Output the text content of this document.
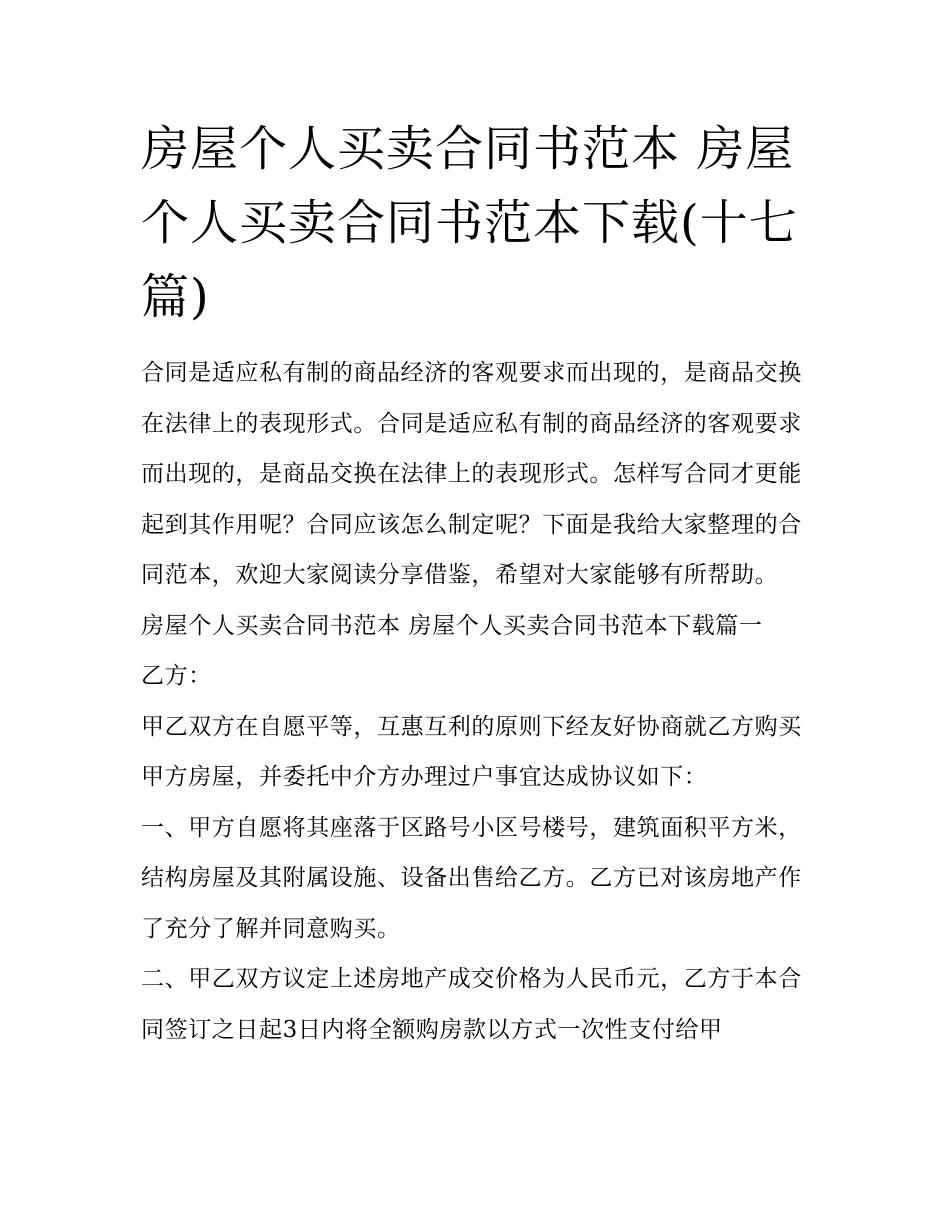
房屋个人买卖合同书范本 房屋个人买卖合同书范本下载(十七篇)

合同是适应私有制的商品经济的客观要求而出现的，是商品交换在法律上的表现形式。合同是适应私有制的商品经济的客观要求而出现的，是商品交换在法律上的表现形式。怎样写合同才更能起到其作用呢？合同应该怎么制定呢？下面是我给大家整理的合同范本，欢迎大家阅读分享借鉴，希望对大家能够有所帮助。

房屋个人买卖合同书范本 房屋个人买卖合同书范本下载篇一

乙方：

甲乙双方在自愿平等，互惠互利的原则下经友好协商就乙方购买甲方房屋，并委托中介方办理过户事宜达成协议如下：

一、甲方自愿将其座落于区路号小区号楼号，建筑面积平方米，结构房屋及其附属设施、设备出售给乙方。乙方已对该房地产作了充分了解并同意购买。

二、甲乙双方议定上述房地产成交价格为人民币元，乙方于本合同签订之日起3日内将全额购房款以方式一次性支付给甲
